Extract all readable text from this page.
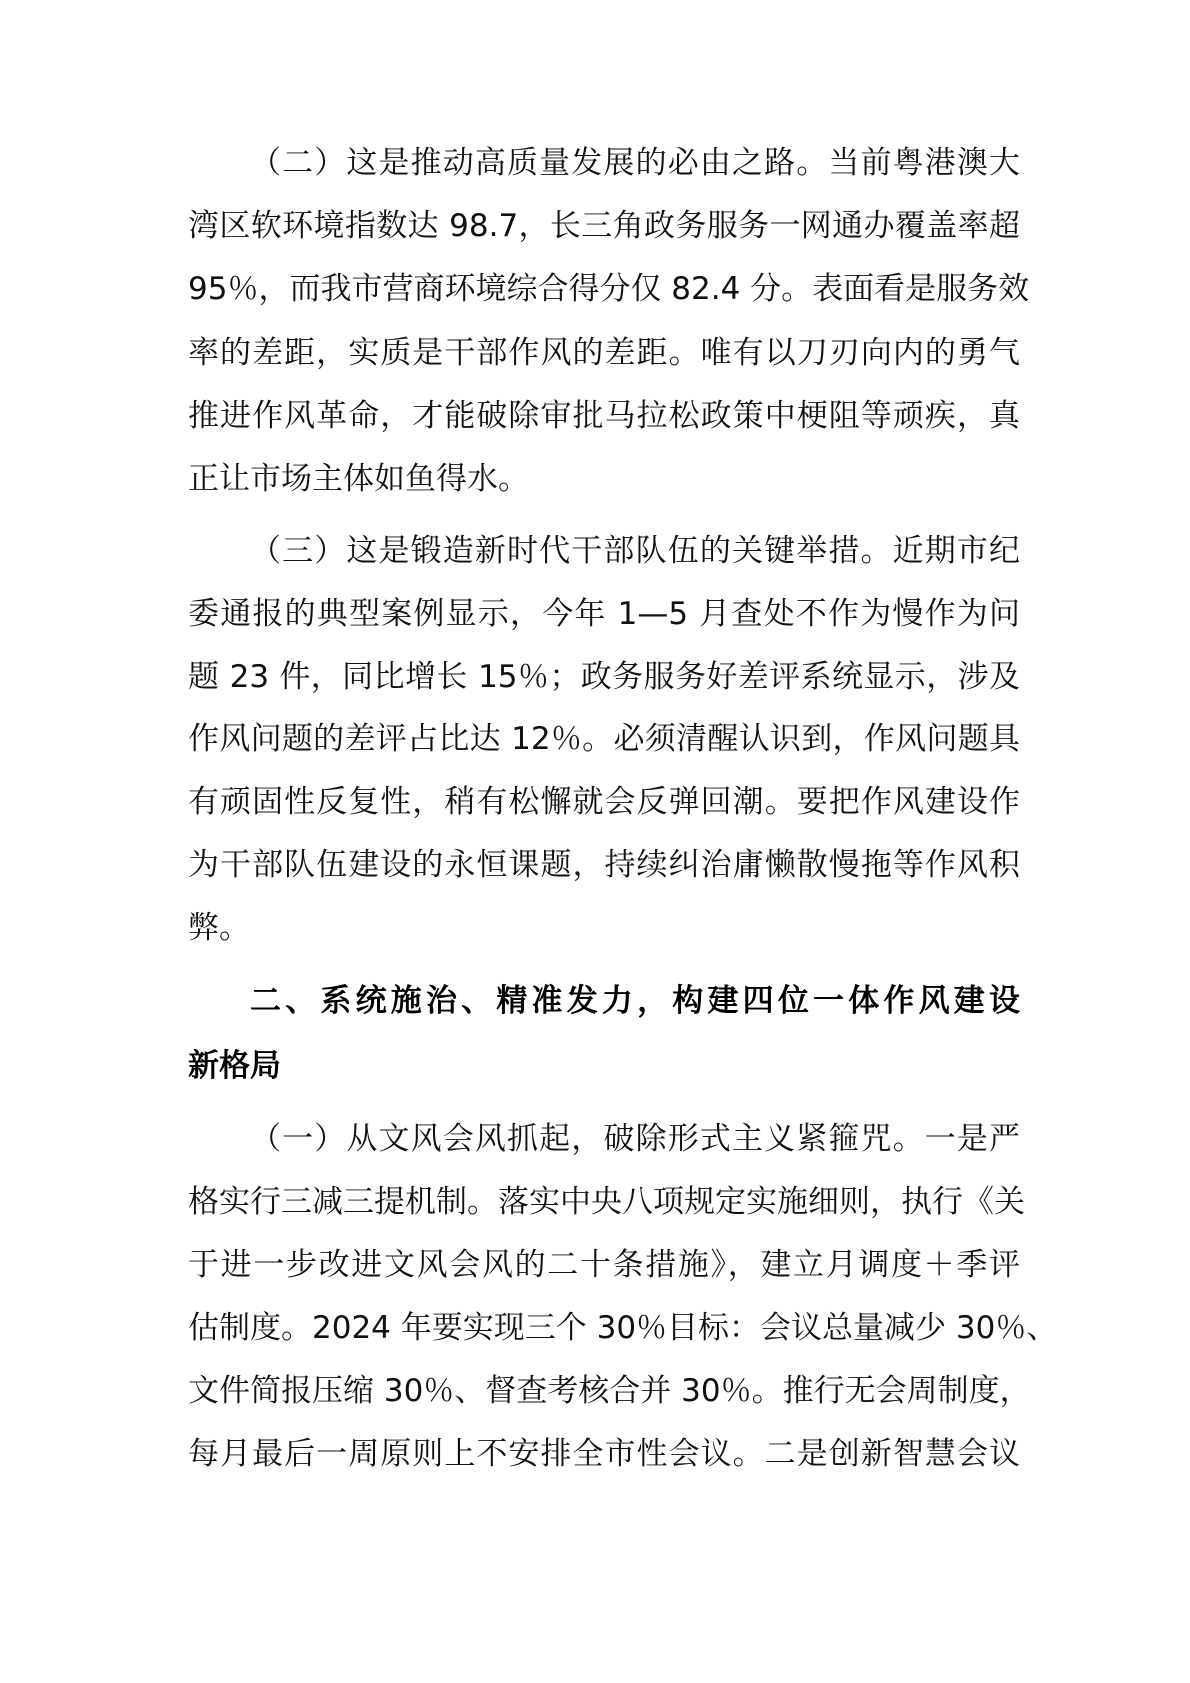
（二）这是推动高质量发展的必由之路。当前粤港澳大
湾区软环境指数达 98.7，长三角政务服务一网通办覆盖率超
95％，而我市营商环境综合得分仅 82.4 分。表面看是服务效
率的差距，实质是干部作风的差距。唯有以刀刃向内的勇气
推进作风革命，才能破除审批马拉松政策中梗阻等顽疾，真
正让市场主体如鱼得水。
（三）这是锻造新时代干部队伍的关键举措。近期市纪
委通报的典型案例显示，今年 1—5 月查处不作为慢作为问
题 23 件，同比增长 15％；政务服务好差评系统显示，涉及
作风问题的差评占比达 12％。必须清醒认识到，作风问题具
有顽固性反复性，稍有松懈就会反弹回潮。要把作风建设作
为干部队伍建设的永恒课题，持续纠治庸懒散慢拖等作风积
弊。
二、系统施治、精准发力，构建四位一体作风建设
新格局
（一）从文风会风抓起，破除形式主义紧箍咒。一是严
格实行三减三提机制。落实中央八项规定实施细则，执行《关
于进一步改进文风会风的二十条措施》，建立月调度＋季评
估制度。2024 年要实现三个 30％目标：会议总量减少 30％、
文件简报压缩 30％、督查考核合并 30％。推行无会周制度，
每月最后一周原则上不安排全市性会议。二是创新智慧会议
